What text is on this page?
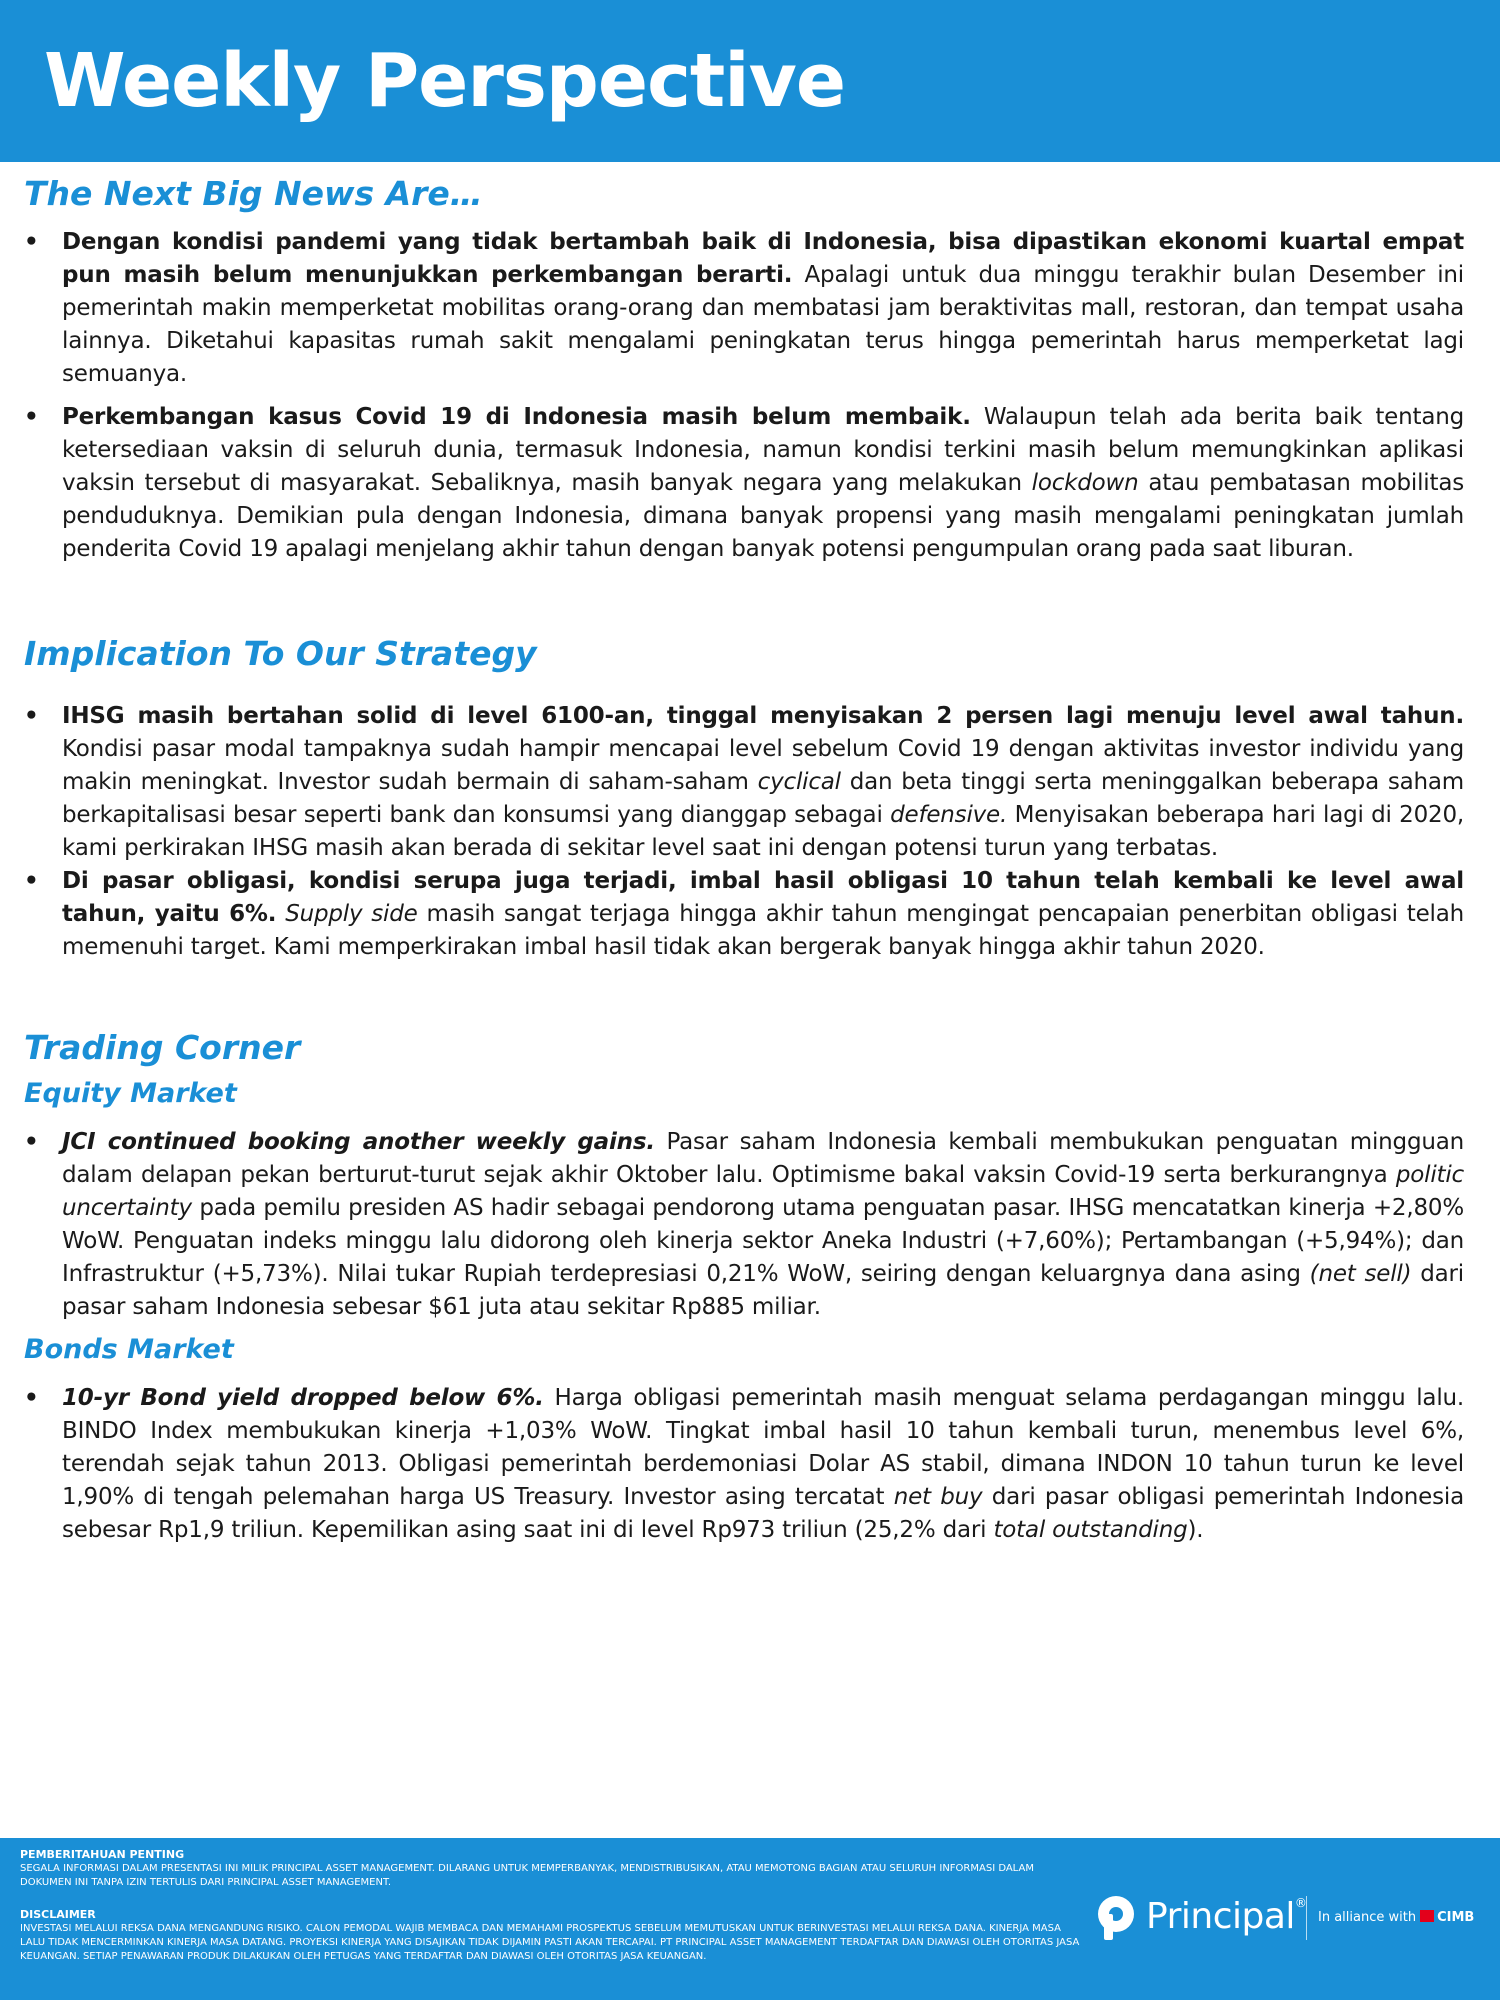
Weekly Perspective
The Next Big News Are…
• Dengan kondisi pandemi yang tidak bertambah baik di Indonesia, bisa dipastikan ekonomi kuartal empat pun masih belum menunjukkan perkembangan berarti. Apalagi untuk dua minggu terakhir bulan Desember ini pemerintah makin memperketat mobilitas orang-orang dan membatasi jam beraktivitas mall, restoran, dan tempat usaha lainnya. Diketahui kapasitas rumah sakit mengalami peningkatan terus hingga pemerintah harus memperketat lagi semuanya.
• Perkembangan kasus Covid 19 di Indonesia masih belum membaik. Walaupun telah ada berita baik tentang ketersediaan vaksin di seluruh dunia, termasuk Indonesia, namun kondisi terkini masih belum memungkinkan aplikasi vaksin tersebut di masyarakat. Sebaliknya, masih banyak negara yang melakukan lockdown atau pembatasan mobilitas penduduknya. Demikian pula dengan Indonesia, dimana banyak propensi yang masih mengalami peningkatan jumlah penderita Covid 19 apalagi menjelang akhir tahun dengan banyak potensi pengumpulan orang pada saat liburan.
Implication To Our Strategy
• IHSG masih bertahan solid di level 6100-an, tinggal menyisakan 2 persen lagi menuju level awal tahun. Kondisi pasar modal tampaknya sudah hampir mencapai level sebelum Covid 19 dengan aktivitas investor individu yang makin meningkat. Investor sudah bermain di saham-saham cyclical dan beta tinggi serta meninggalkan beberapa saham berkapitalisasi besar seperti bank dan konsumsi yang dianggap sebagai defensive. Menyisakan beberapa hari lagi di 2020, kami perkirakan IHSG masih akan berada di sekitar level saat ini dengan potensi turun yang terbatas.
• Di pasar obligasi, kondisi serupa juga terjadi, imbal hasil obligasi 10 tahun telah kembali ke level awal tahun, yaitu 6%. Supply side masih sangat terjaga hingga akhir tahun mengingat pencapaian penerbitan obligasi telah memenuhi target. Kami memperkirakan imbal hasil tidak akan bergerak banyak hingga akhir tahun 2020.
Trading Corner
Equity Market
• JCI continued booking another weekly gains. Pasar saham Indonesia kembali membukukan penguatan mingguan dalam delapan pekan berturut-turut sejak akhir Oktober lalu. Optimisme bakal vaksin Covid-19 serta berkurangnya politic uncertainty pada pemilu presiden AS hadir sebagai pendorong utama penguatan pasar. IHSG mencatatkan kinerja +2,80% WoW. Penguatan indeks minggu lalu didorong oleh kinerja sektor Aneka Industri (+7,60%); Pertambangan (+5,94%); dan Infrastruktur (+5,73%). Nilai tukar Rupiah terdepresiasi 0,21% WoW, seiring dengan keluargnya dana asing (net sell) dari pasar saham Indonesia sebesar $61 juta atau sekitar Rp885 miliar.
Bonds Market
• 10-yr Bond yield dropped below 6%. Harga obligasi pemerintah masih menguat selama perdagangan minggu lalu. BINDO Index membukukan kinerja +1,03% WoW. Tingkat imbal hasil 10 tahun kembali turun, menembus level 6%, terendah sejak tahun 2013. Obligasi pemerintah berdemoniasi Dolar AS stabil, dimana INDON 10 tahun turun ke level 1,90% di tengah pelemahan harga US Treasury. Investor asing tercatat net buy dari pasar obligasi pemerintah Indonesia sebesar Rp1,9 triliun. Kepemilikan asing saat ini di level Rp973 triliun (25,2% dari total outstanding).
PEMBERITAHUAN PENTING
SEGALA INFORMASI DALAM PRESENTASI INI MILIK PRINCIPAL ASSET MANAGEMENT. DILARANG UNTUK MEMPERBANYAK, MENDISTRIBUSIKAN, ATAU MEMOTONG BAGIAN ATAU SELURUH INFORMASI DALAM DOKUMEN INI TANPA IZIN TERTULIS DARI PRINCIPAL ASSET MANAGEMENT.
DISCLAIMER
INVESTASI MELALUI REKSA DANA MENGANDUNG RISIKO. CALON PEMODAL WAJIB MEMBACA DAN MEMAHAMI PROSPEKTUS SEBELUM MEMUTUSKAN UNTUK BERINVESTASI MELALUI REKSA DANA. KINERJA MASA LALU TIDAK MENCERMINKAN KINERJA MASA DATANG. PROYEKSI KINERJA YANG DISAJIKAN TIDAK DIJAMIN PASTI AKAN TERCAPAI. PT PRINCIPAL ASSET MANAGEMENT TERDAFTAR DAN DIAWASI OLEH OTORITAS JASA KEUANGAN. SETIAP PENAWARAN PRODUK DILAKUKAN OLEH PETUGAS YANG TERDAFTAR DAN DIAWASI OLEH OTORITAS JASA KEUANGAN.
Principal®
In alliance with CIMB
